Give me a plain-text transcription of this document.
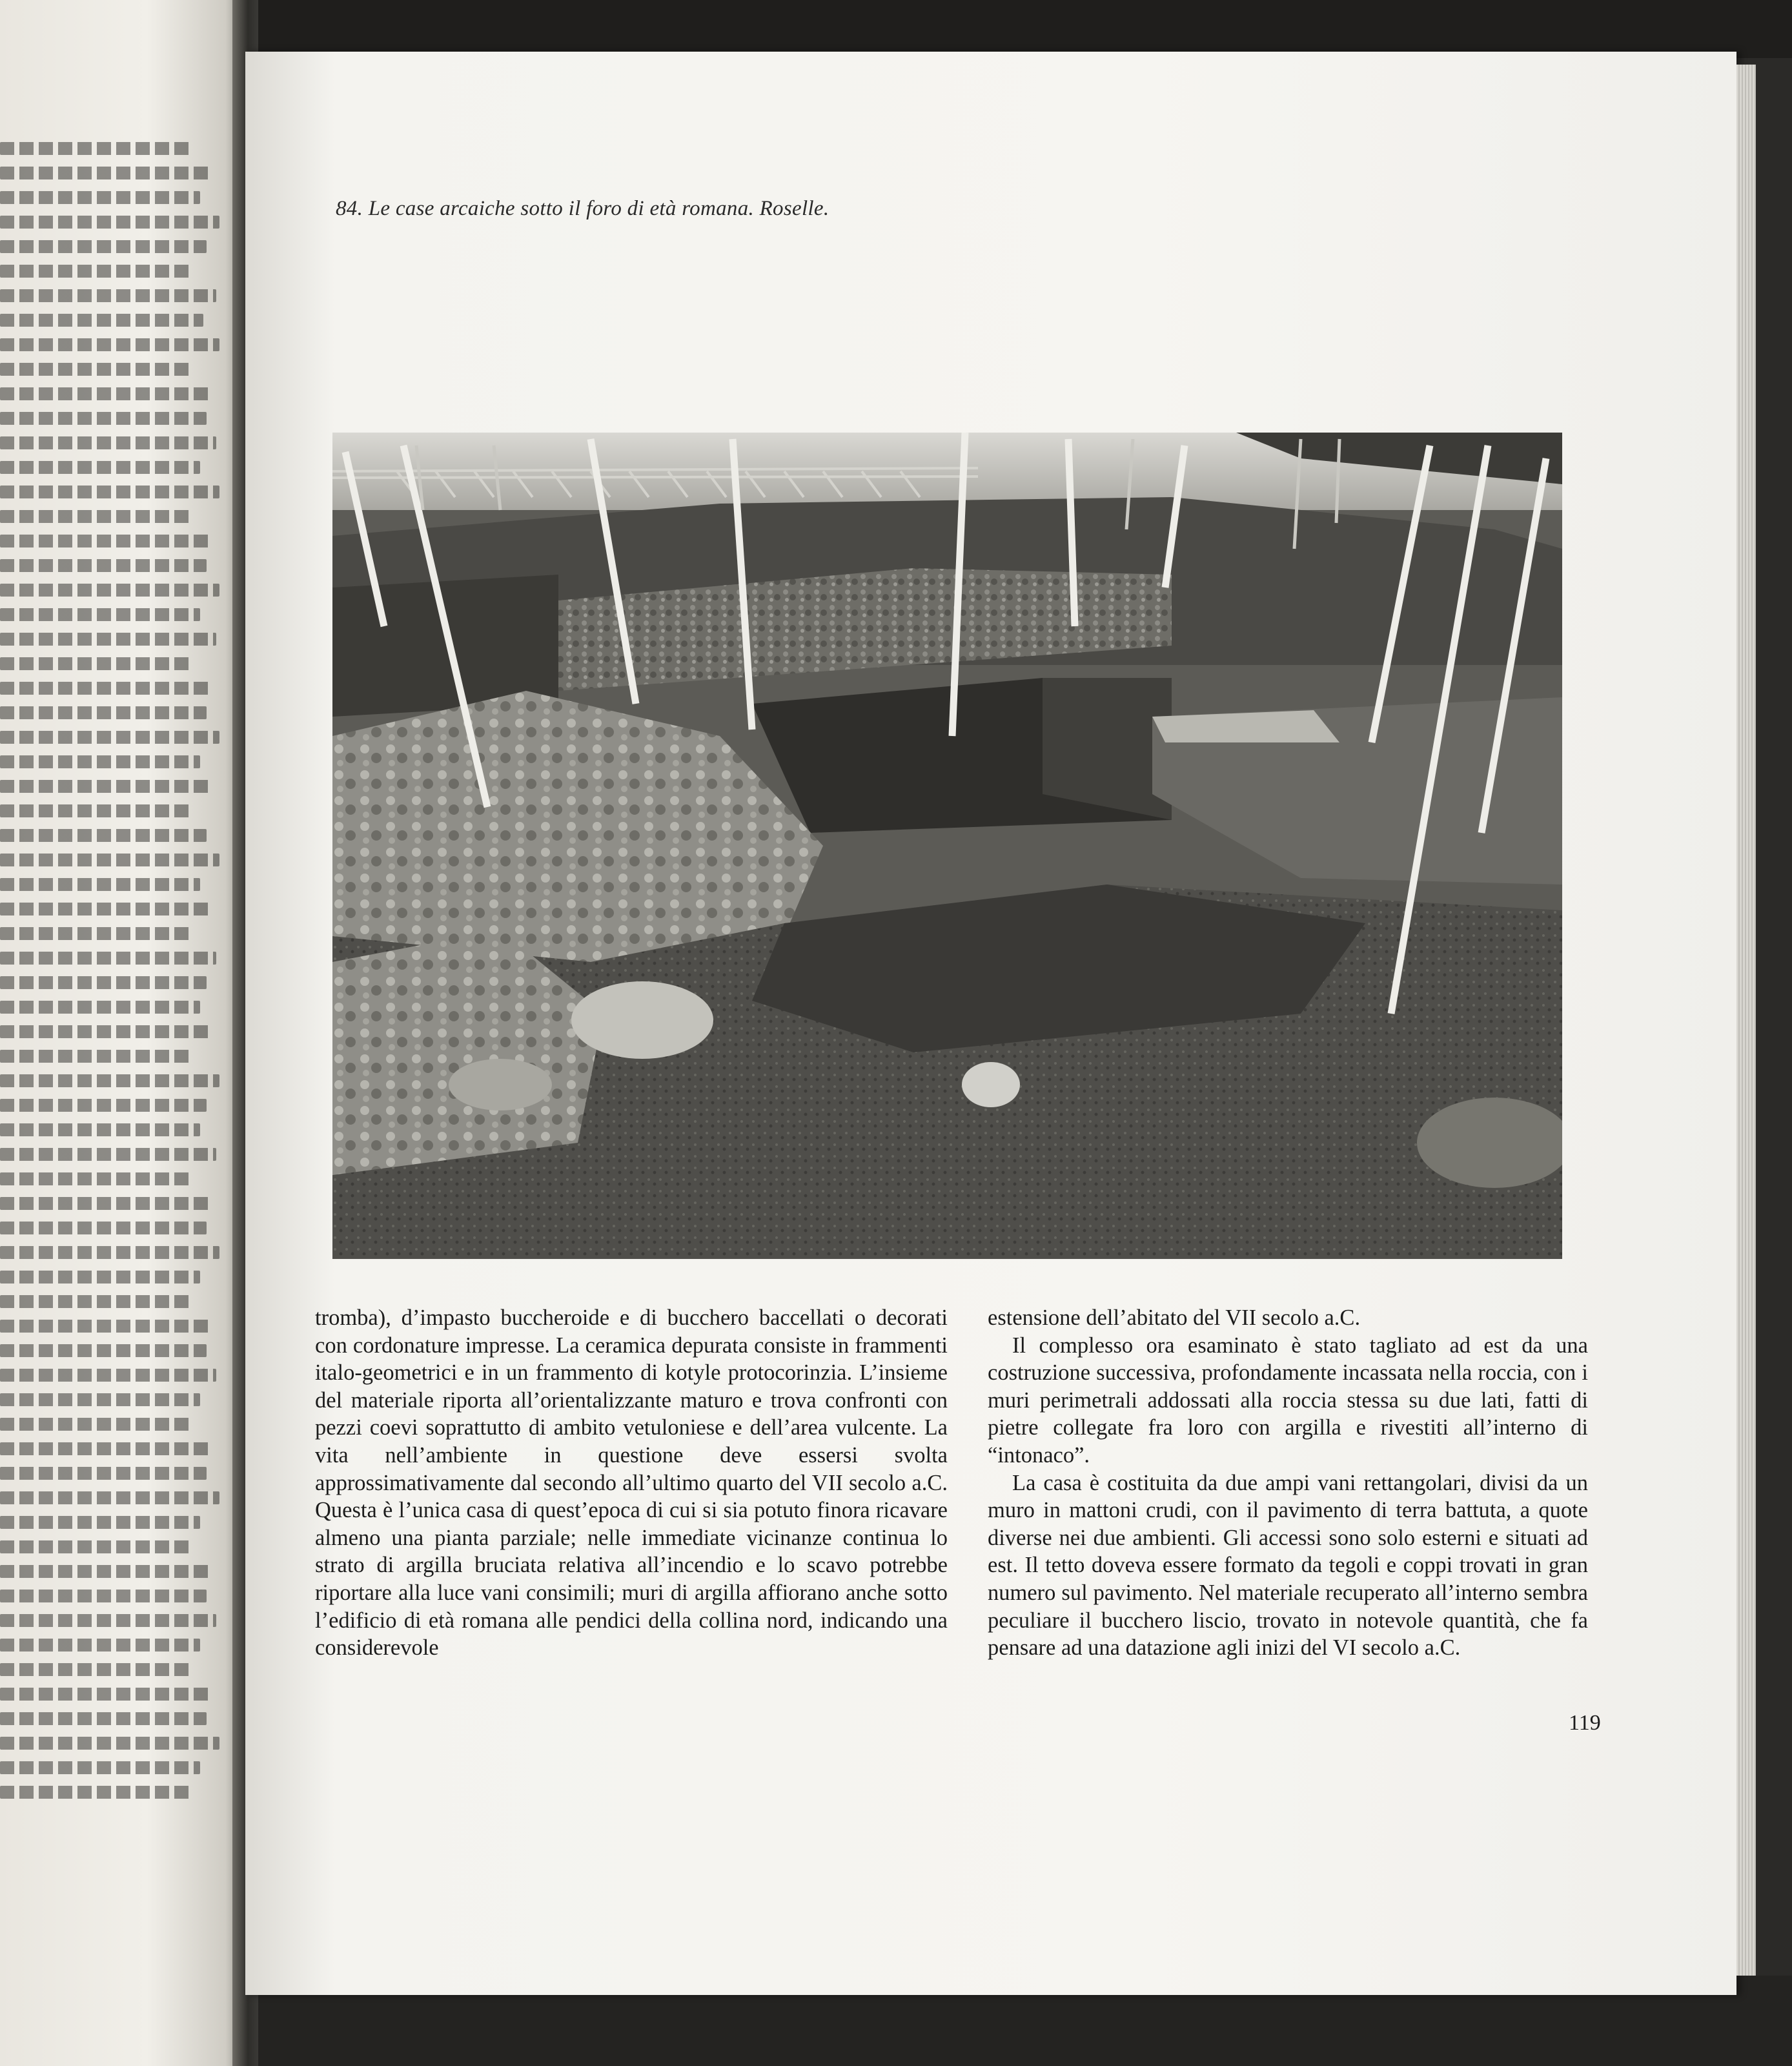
84. Le case arcaiche sotto il foro di età romana. Roselle.

tromba), d’impasto buccheroide e di bucchero baccellati o decorati con cordonature impresse. La ceramica depurata consiste in frammenti italo-geometrici e in un frammento di kotyle protocorinzia. L’insieme del materiale riporta all’orientalizzante maturo e trova confronti con pezzi coevi soprattutto di ambito vetuloniese e dell’area vulcente. La vita nell’ambiente in questione deve essersi svolta approssimativamente dal secondo all’ultimo quarto del VII secolo a.C. Questa è l’unica casa di quest’epoca di cui si sia potuto finora ricavare almeno una pianta parziale; nelle immediate vicinanze continua lo strato di argilla bruciata relativa all’incendio e lo scavo potrebbe riportare alla luce vani consimili; muri di argilla affiorano anche sotto l’edificio di età romana alle pendici della collina nord, indicando una considerevole

estensione dell’abitato del VII secolo a.C.

Il complesso ora esaminato è stato tagliato ad est da una costruzione successiva, profondamente incassata nella roccia, con i muri perimetrali addossati alla roccia stessa su due lati, fatti di pietre collegate fra loro con argilla e rivestiti all’interno di “intonaco”.

La casa è costituita da due ampi vani rettangolari, divisi da un muro in mattoni crudi, con il pavimento di terra battuta, a quote diverse nei due ambienti. Gli accessi sono solo esterni e situati ad est. Il tetto doveva essere formato da tegoli e coppi trovati in gran numero sul pavimento. Nel materiale recuperato all’interno sembra peculiare il bucchero liscio, trovato in notevole quantità, che fa pensare ad una datazione agli inizi del VI secolo a.C.

119
